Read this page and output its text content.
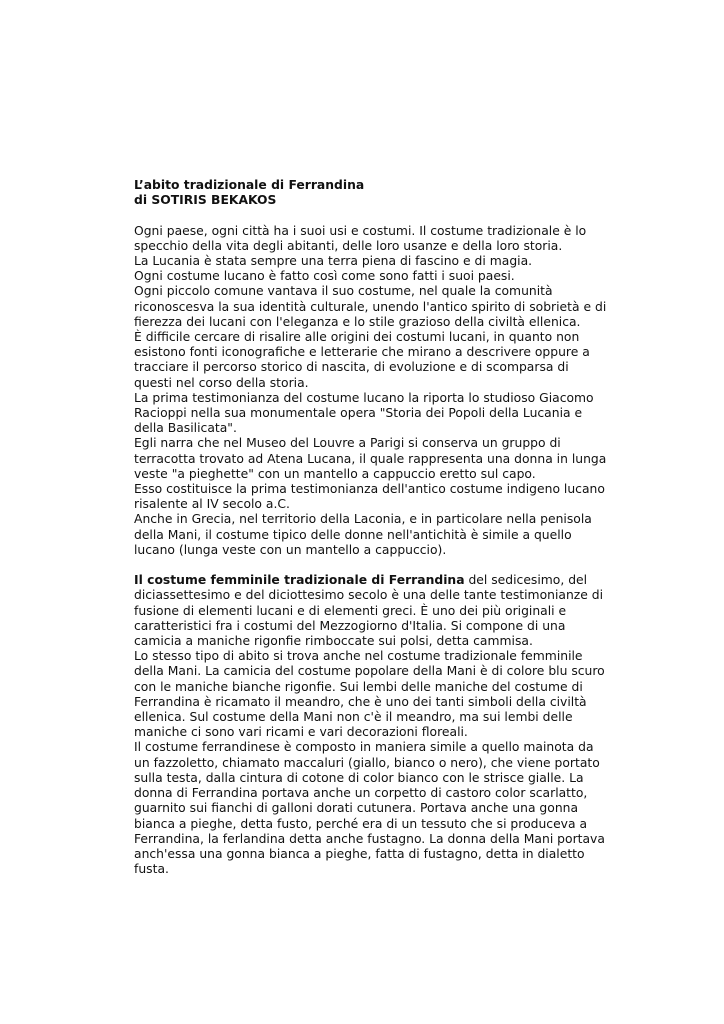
L’abito tradizionale di Ferrandina
di SOTIRIS BEKAKOS
Ogni paese, ogni città ha i suoi usi e costumi. Il costume tradizionale è lo
specchio della vita degli abitanti, delle loro usanze e della loro storia.
La Lucania è stata sempre una terra piena di fascino e di magia.
Ogni costume lucano è fatto così come sono fatti i suoi paesi.
Ogni piccolo comune vantava il suo costume, nel quale la comunità
riconoscesva la sua identità culturale, unendo l'antico spirito di sobrietà e di
fierezza dei lucani con l'eleganza e lo stile grazioso della civiltà ellenica.
È difficile cercare di risalire alle origini dei costumi lucani, in quanto non
esistono fonti iconografiche e letterarie che mirano a descrivere oppure a
tracciare il percorso storico di nascita, di evoluzione e di scomparsa di
questi nel corso della storia.
La prima testimonianza del costume lucano la riporta lo studioso Giacomo
Racioppi nella sua monumentale opera "Storia dei Popoli della Lucania e
della Basilicata".
Egli narra che nel Museo del Louvre a Parigi si conserva un gruppo di
terracotta trovato ad Atena Lucana, il quale rappresenta una donna in lunga
veste "a pieghette" con un mantello a cappuccio eretto sul capo.
Esso costituisce la prima testimonianza dell'antico costume indigeno lucano
risalente al IV secolo a.C.
Anche in Grecia, nel territorio della Laconia, e in particolare nella penisola
della Mani, il costume tipico delle donne nell'antichità è simile a quello
lucano (lunga veste con un mantello a cappuccio).
Il costume femminile tradizionale di Ferrandina del sedicesimo, del
diciassettesimo e del diciottesimo secolo è una delle tante testimonianze di
fusione di elementi lucani e di elementi greci. È uno dei più originali e
caratteristici fra i costumi del Mezzogiorno d'Italia. Si compone di una
camicia a maniche rigonfie rimboccate sui polsi, detta cammisa.
Lo stesso tipo di abito si trova anche nel costume tradizionale femminile
della Mani. La camicia del costume popolare della Mani è di colore blu scuro
con le maniche bianche rigonfie. Sui lembi delle maniche del costume di
Ferrandina è ricamato il meandro, che è uno dei tanti simboli della civiltà
ellenica. Sul costume della Mani non c'è il meandro, ma sui lembi delle
maniche ci sono vari ricami e vari decorazioni floreali.
Il costume ferrandinese è composto in maniera simile a quello mainota da
un fazzoletto, chiamato maccaluri (giallo, bianco o nero), che viene portato
sulla testa, dalla cintura di cotone di color bianco con le strisce gialle. La
donna di Ferrandina portava anche un corpetto di castoro color scarlatto,
guarnito sui fianchi di galloni dorati cutunera. Portava anche una gonna
bianca a pieghe, detta fusto, perché era di un tessuto che si produceva a
Ferrandina, la ferlandina detta anche fustagno. La donna della Mani portava
anch'essa una gonna bianca a pieghe, fatta di fustagno, detta in dialetto
fusta.
